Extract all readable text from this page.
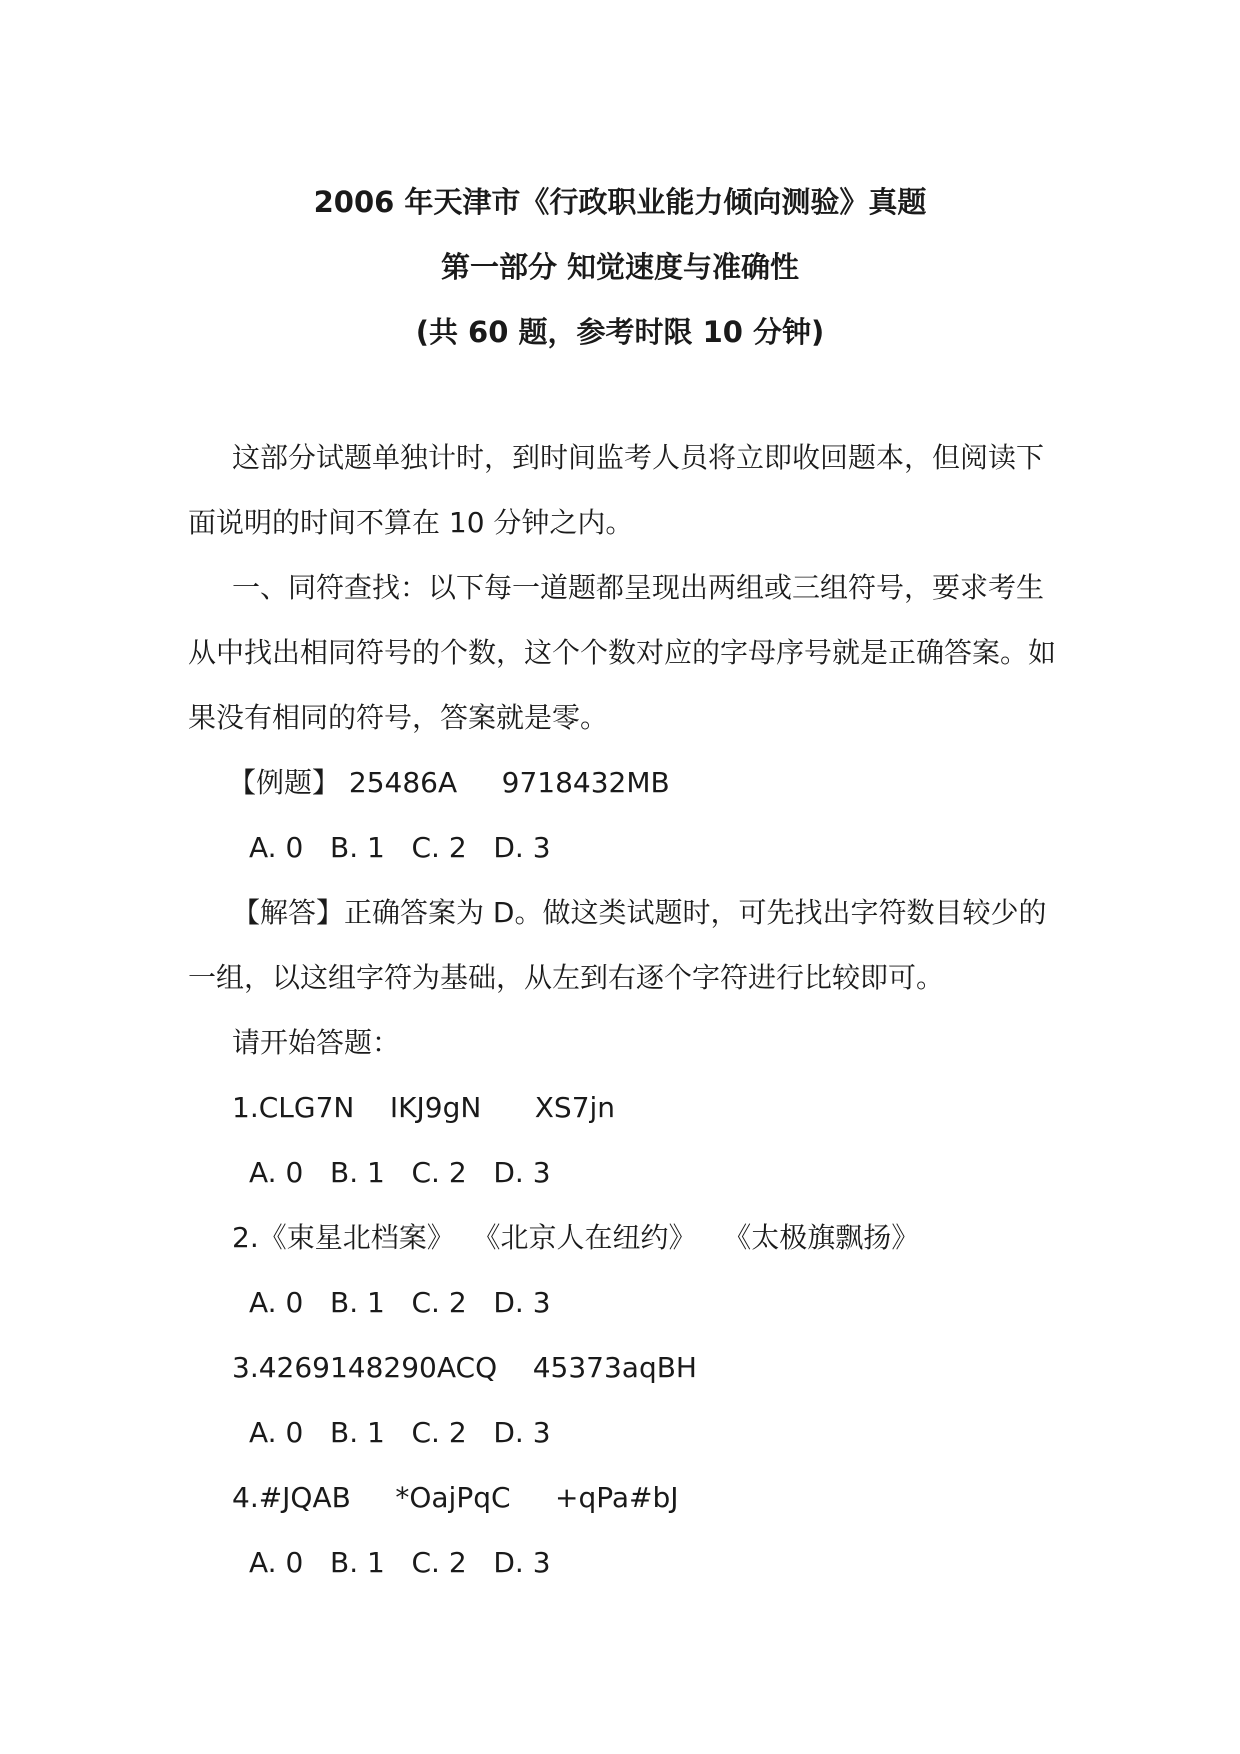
2006 年天津市《行政职业能力倾向测验》真题
第一部分 知觉速度与准确性
(共 60 题，参考时限 10 分钟)

这部分试题单独计时，到时间监考人员将立即收回题本，但阅读下面说明的时间不算在 10 分钟之内。

一、同符查找：以下每一道题都呈现出两组或三组符号，要求考生从中找出相同符号的个数，这个个数对应的字母序号就是正确答案。如果没有相同的符号，答案就是零。

【例题】 25486A     9718432MB

A. 0   B. 1   C. 2   D. 3

【解答】正确答案为 D。做这类试题时，可先找出字符数目较少的一组，以这组字符为基础，从左到右逐个字符进行比较即可。

请开始答题：

1.CLG7N    IKJ9gN      XS7jn

A. 0   B. 1   C. 2   D. 3

2.《束星北档案》  《北京人在纽约》   《太极旗飘扬》

A. 0   B. 1   C. 2   D. 3

3.4269148290ACQ    45373aqBH

A. 0   B. 1   C. 2   D. 3

4.#JQAB     *OajPqC     +qPa#bJ

A. 0   B. 1   C. 2   D. 3
